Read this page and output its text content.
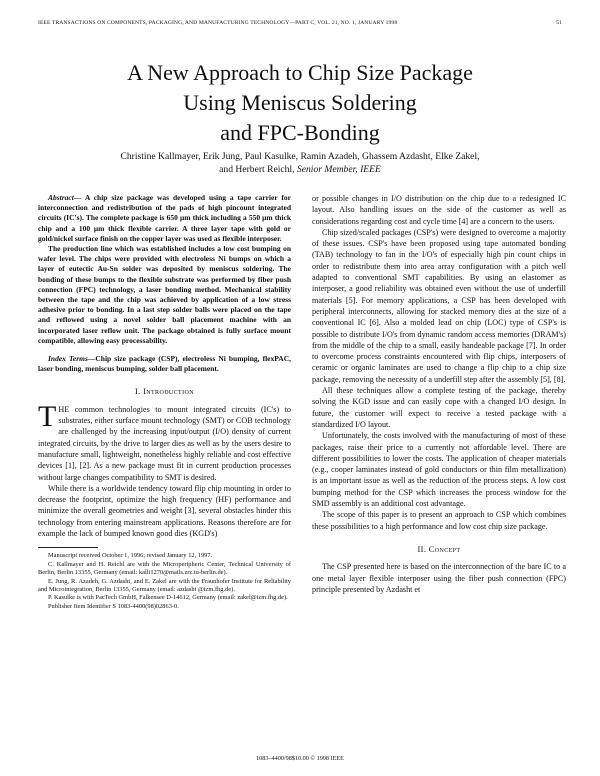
IEEE TRANSACTIONS ON COMPONENTS, PACKAGING, AND MANUFACTURING TECHNOLOGY—PART C, VOL. 21, NO. 1, JANUARY 1998	51
A New Approach to Chip Size Package
Using Meniscus Soldering
and FPC-Bonding
Christine Kallmayer, Erik Jung, Paul Kasulke, Ramin Azadeh, Ghassem Azdasht, Elke Zakel,
and Herbert Reichl, Senior Member, IEEE

Abstract— A chip size package was developed using a tape carrier for interconnection and redistribution of the pads of high pincount integrated circuits (IC's). The complete package is 650 μm thick including a 550 μm thick chip and a 100 μm thick flexible carrier. A three layer tape with gold or gold/nickel surface finish on the copper layer was used as flexible interposer.

The production line which was established includes a low cost bumping on wafer level. The chips were provided with electroless Ni bumps on which a layer of eutectic Au-Sn solder was deposited by meniscus soldering. The bonding of these bumps to the flexible substrate was performed by fiber push connection (FPC) technology, a laser bonding method. Mechanical stability between the tape and the chip was achieved by application of a low stress adhesive prior to bonding. In a last step solder balls were placed on the tape and reflowed using a novel solder ball placement machine with an incorporated laser reflow unit. The package obtained is fully surface mount compatible, allowing easy processability.

Index Terms—Chip size package (CSP), electroless Ni bumping, flexPAC, laser bonding, meniscus bumping, solder ball placement.
I. Introduction

THE common technologies to mount integrated circuits (IC's) to substrates, either surface mount technology (SMT) or COB technology are challenged by the increasing input/output (I/O) density of current integrated circuits, by the drive to larger dies as well as by the users desire to manufacture small, lightweight, nonetheless highly reliable and cost effective devices [1], [2]. As a new package must fit in current production processes without large changes compatibility to SMT is desired.

While there is a worldwide tendency toward flip chip mounting in order to decrease the footprint, optimize the high frequency (HF) performance and minimize the overall geometries and weight [3], several obstacles hinder this technology from entering mainstream applications. Reasons therefore are for example the lack of bumped known good dies (KGD's)

Manuscript received October 1, 1996; revised January 12, 1997.

C. Kallmayer and H. Reichl are with the Microperipheric Center, Technical University of Berlin, Berlin 13355, Germany (email: kalli1270@mails.zrz.tu-berlin.de).

E. Jung, R. Azadeh, G. Azdasht, and E. Zakel are with the Fraunhofer Institute for Reliability and Microintegration, Berlin 13355, Germany (email: azdasht @izm.fhg.de).

P. Kasulke is with PacTech GmbH, Falkensee D-14612, Germany (email: zakel@izm.fhg.de).

Publisher Item Identifier S 1083-4400(98)02863-0.

or possible changes in I/O distribution on the chip due to a redesigned IC layout. Also handling issues on the side of the customer as well as considerations regarding cost and cycle time [4] are a concern to the users.

Chip sized/scaled packages (CSP's) were designed to overcome a majority of these issues. CSP's have been proposed using tape automated bonding (TAB) technology to fan in the I/O's of especially high pin count chips in order to redistribute them into area array configuration with a pitch well adapted to conventional SMT capabilities. By using an elastomer as interposer, a good reliability was obtained even without the use of underfill materials [5]. For memory applications, a CSP has been developed with peripheral interconnects, allowing for stacked memory dies at the size of a conventional IC [6]. Also a molded lead on chip (LOC) type of CSP's is possible to distribute I/O's from dynamic random access memories (DRAM's) from the middle of the chip to a small, easily handeable package [7]. In order to overcome process constraints encountered with flip chips, interposers of ceramic or organic laminates are used to change a flip chip to a chip size package, removing the necessity of a underfill step after the assembly [5], [8].

All these techniques allow a complete testing of the package, thereby solving the KGD issue and can easily cope with a changed I/O design. In future, the customer will expect to receive a tested package with a standardized I/O layout.

Unfortunately, the costs involved with the manufacturing of most of these packages, raise their price to a currently not affordable level. There are different possibilities to lower the costs. The application of cheaper materials (e.g., cooper laminates instead of gold conductors or thin film metallization) is an important issue as well as the reduction of the process steps. A low cost bumping method for the CSP which increases the process window for the SMD assembly is an additional cost advantage.

The scope of this paper is to present an approach to CSP which combines these possibilities to a high performance and low cost chip size package.

II. Concept

The CSP presented here is based on the interconnection of the bare IC to a one metal layer flexible interposer using the fiber push connection (FPC) principle presented by Azdasht et

1083–4400/98$10.00 © 1998 IEEE
